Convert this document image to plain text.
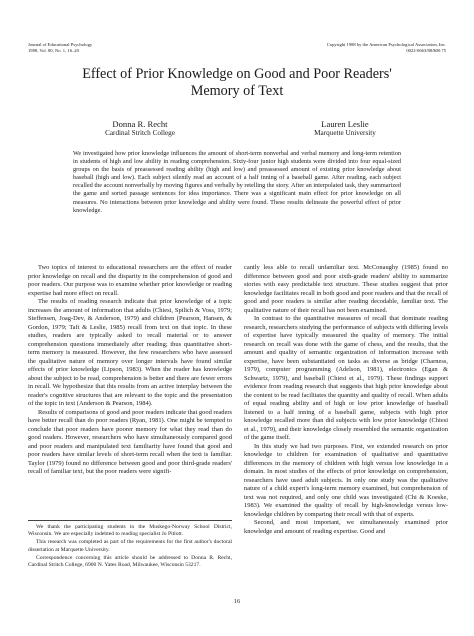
Journal of Educational Psychology
1988, Vol. 80, No. 1, 16–20
Copyright 1988 by the American Psychological Association, Inc.
0022-0663/88/$00.75
Effect of Prior Knowledge on Good and Poor Readers'
Memory of Text
Donna R. Recht
Cardinal Stritch College
Lauren Leslie
Marquette University
We investigated how prior knowledge influences the amount of short-term nonverbal and verbal memory and long-term retention in students of high and low ability in reading comprehension. Sixty-four junior high students were divided into four equal-sized groups on the basis of preassessed reading ability (high and low) and preassessed amount of existing prior knowledge about baseball (high and low). Each subject silently read an account of a half inning of a baseball game. After reading, each subject recalled the account nonverbally by moving figures and verbally by retelling the story. After an interpolated task, they summarized the game and sorted passage sentences for idea importance. There was a significant main effect for prior knowledge on all measures. No interactions between prior knowledge and ability were found. These results delineate the powerful effect of prior knowledge.

Two topics of interest to educational researchers are the effect of reader prior knowledge on recall and the disparity in the comprehension of good and poor readers. Our purpose was to examine whether prior knowledge or reading expertise had more effect on recall.

The results of reading research indicate that prior knowledge of a topic increases the amount of information that adults (Chiesi, Spilich & Voss, 1979; Steffensen, Joag-Dev, & Anderson, 1979) and children (Pearson, Hansen, & Gordon, 1979; Taft & Leslie, 1985) recall from text on that topic. In these studies, readers are typically asked to recall material or to answer comprehension questions immediately after reading; thus quantitative short-term memory is measured. However, the few researchers who have assessed the qualitative nature of memory over longer intervals have found similar effects of prior knowledge (Lipson, 1983). When the reader has knowledge about the subject to be read, comprehension is better and there are fewer errors in recall. We hypothesize that this results from an active interplay between the reader's cognitive structures that are relevant to the topic and the presentation of the topic in text (Anderson & Pearson, 1984).

Results of comparisons of good and poor readers indicate that good readers have better recall than do poor readers (Ryan, 1981). One might be tempted to conclude that poor readers have poorer memory for what they read than do good readers. However, researchers who have simultaneously compared good and poor readers and manipulated text familiarity have found that good and poor readers have similar levels of short-term recall when the text is familiar. Taylor (1979) found no difference between good and poor third-grade readers' recall of familiar text, but the poor readers were signifi-

cantly less able to recall unfamiliar text. McConaughy (1985) found no difference between good and poor sixth-grade readers' ability to summarize stories with easy predictable text structure. These studies suggest that prior knowledge facilitates recall in both good and poor readers and that the recall of good and poor readers is similar after reading decodable, familiar text. The qualitative nature of their recall has not been examined.

In contrast to the quantitative measures of recall that dominate reading research, researchers studying the performance of subjects with differing levels of expertise have typically measured the quality of memory. The initial research on recall was done with the game of chess, and the results, that the amount and quality of semantic organization of information increase with expertise, have been substantiated on tasks as diverse as bridge (Charness, 1979), computer programming (Adelson, 1981), electronics (Egan & Schwartz, 1979), and baseball (Chiesi et al., 1979). These findings support evidence from reading research that suggests that high prior knowledge about the content to be read facilitates the quantity and quality of recall. When adults of equal reading ability and of high or low prior knowledge of baseball listened to a half inning of a baseball game, subjects with high prior knowledge recalled more than did subjects with low prior knowledge (Chiesi et al., 1979), and their knowledge closely resembled the semantic organization of the game itself.

In this study we had two purposes. First, we extended research on prior knowledge to children for examination of qualitative and quantitative differences in the memory of children with high versus low knowledge in a domain. In most studies of the effects of prior knowledge on comprehension, researchers have used adult subjects. In only one study was the qualitative nature of a child expert's long-term memory examined, but comprehension of text was not required, and only one child was investigated (Chi & Koeske, 1983). We examined the quality of recall by high-knowledge versus low-knowledge children by comparing their recall with that of experts.

Second, and most important, we simultaneously examined prior knowledge and amount of reading expertise. Good and

We thank the participating students in the Muskego-Norway School District, Wisconsin. We are especially indebted to reading specialist Jo Pitlott.

This research was completed as part of the requirements for the first author's doctoral dissertation at Marquette University.

Correspondence concerning this article should be addressed to Donna R. Recht, Cardinal Stritch College, 6900 N. Yates Road, Milwaukee, Wisconsin 53217.

16
